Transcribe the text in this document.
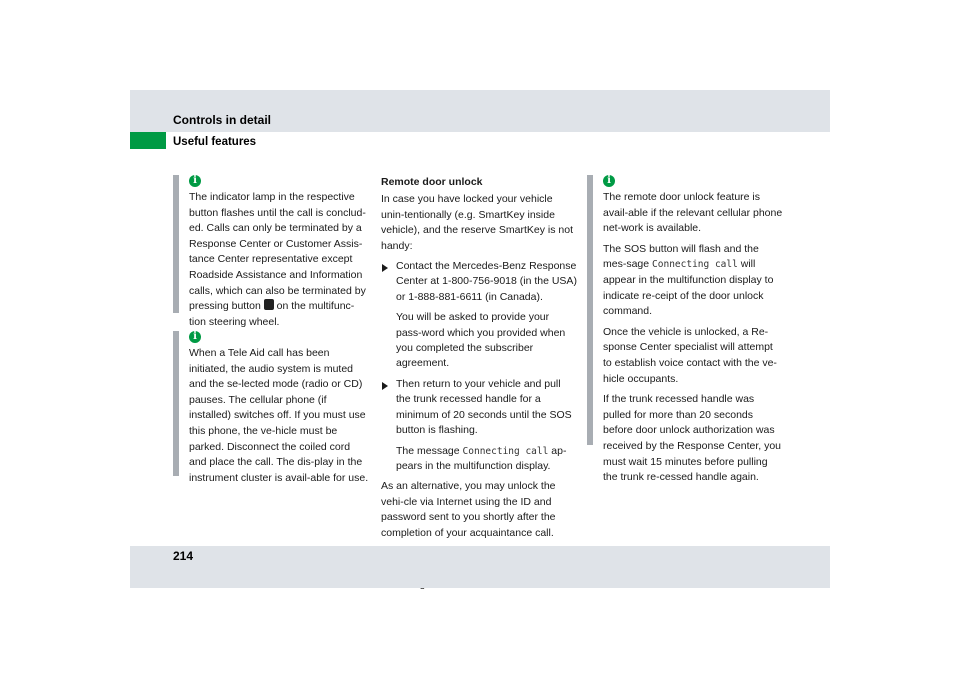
Controls in detail
Useful features
i

The indicator lamp in the respective button flashes until the call is conclud-ed. Calls can only be terminated by a Response Center or Customer Assis-tance Center representative except Roadside Assistance and Information calls, which can also be terminated by pressing button on the multifunc-tion steering wheel.

i

When a Tele Aid call has been initiated, the audio system is muted and the se-lected mode (radio or CD) pauses. The cellular phone (if installed) switches off. If you must use this phone, the ve-hicle must be parked. Disconnect the coiled cord and place the call. The dis-play in the instrument cluster is avail-able for use.

Remote door unlock

In case you have locked your vehicle unin-tentionally (e.g. SmartKey inside vehicle), and the reserve SmartKey is not handy:

Contact the Mercedes-Benz Response Center at 1-800-756-9018 (in the USA) or 1-888-881-6611 (in Canada).

You will be asked to provide your pass-word which you provided when you completed the subscriber agreement.

Then return to your vehicle and pull the trunk recessed handle for a minimum of 20 seconds until the SOS button is flashing.

The message Connecting call ap-pears in the multifunction display.

As an alternative, you may unlock the vehi-cle via Internet using the ID and password sent to you shortly after the completion of your acquaintance call.

i

The remote door unlock feature is avail-able if the relevant cellular phone net-work is available.

The SOS button will flash and the mes-sage Connecting call will appear in the multifunction display to indicate re-ceipt of the door unlock command.

Once the vehicle is unlocked, a Re-sponse Center specialist will attempt to establish voice contact with the ve-hicle occupants.

If the trunk recessed handle was pulled for more than 20 seconds before door unlock authorization was received by the Response Center, you must wait 15 minutes before pulling the trunk re-cessed handle again.

214
